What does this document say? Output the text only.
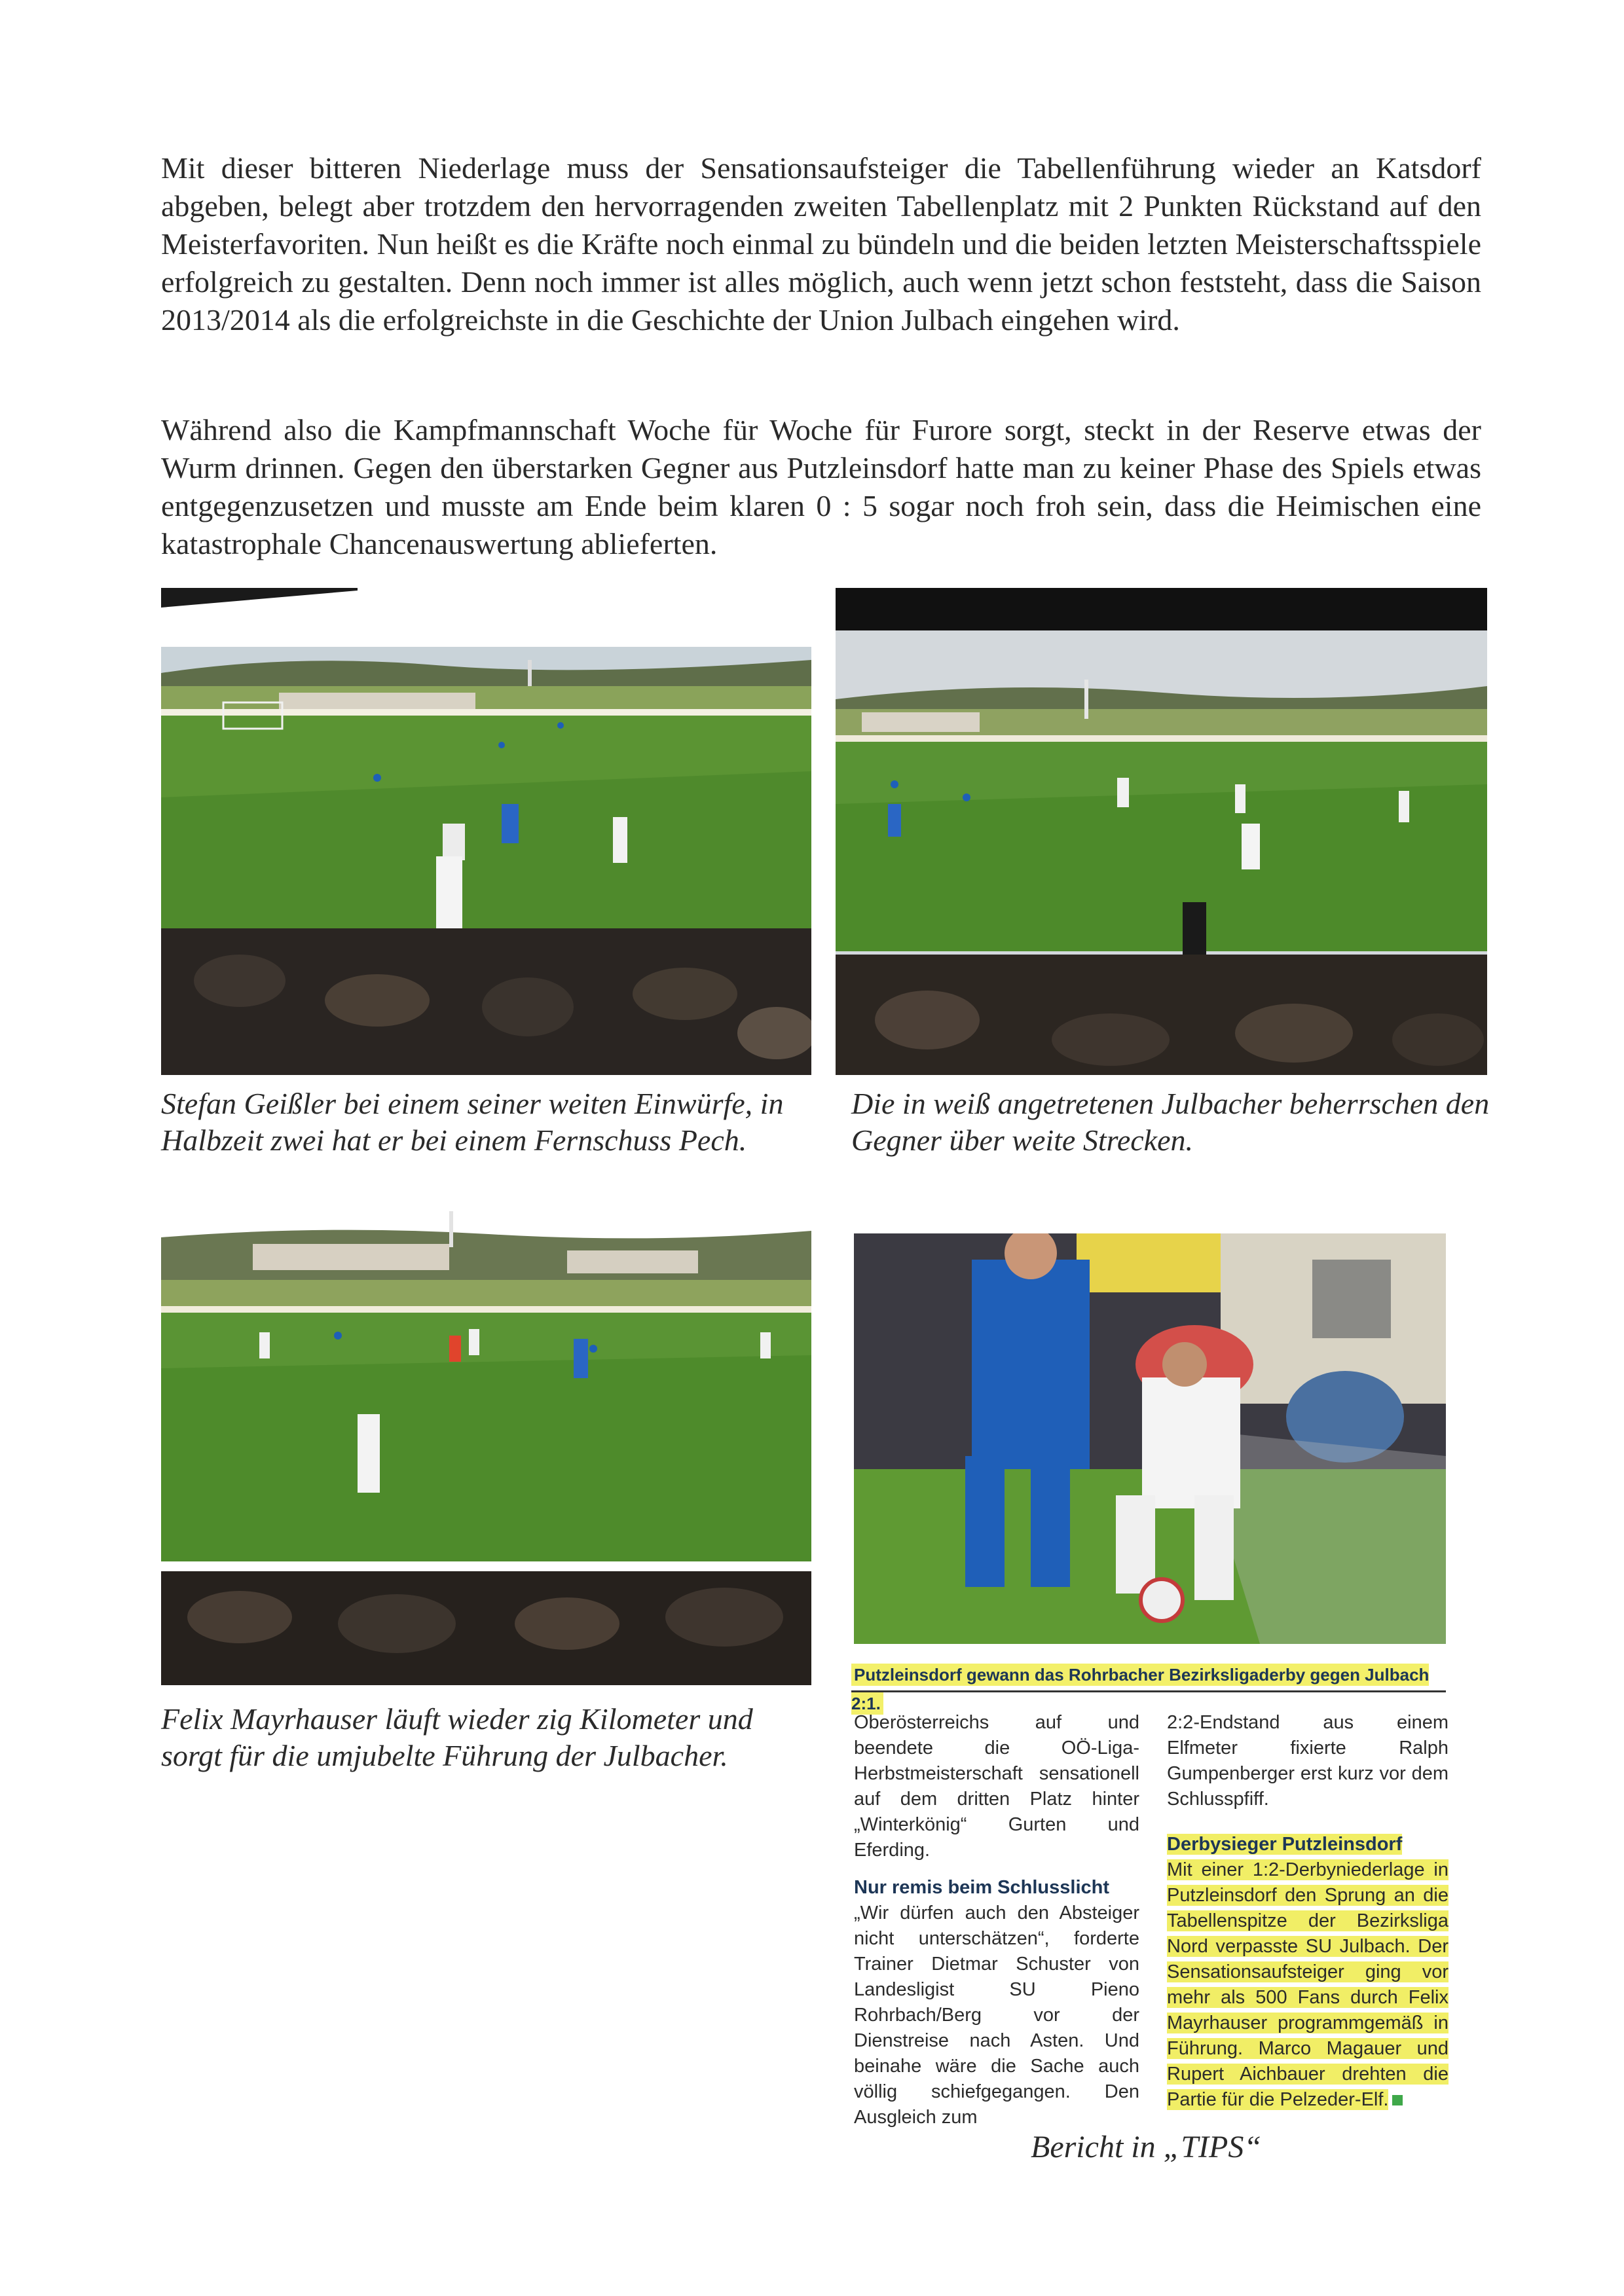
Mit dieser bitteren Niederlage muss der Sensationsaufsteiger die Tabellenführung wieder an Katsdorf abgeben, belegt aber trotzdem den hervorragenden zweiten Tabellenplatz mit 2 Punkten Rückstand auf den Meisterfavoriten. Nun heißt es die Kräfte noch einmal zu bündeln und die beiden letzten Meisterschaftsspiele erfolgreich zu gestalten. Denn noch immer ist alles möglich, auch wenn jetzt schon feststeht, dass die Saison 2013/2014 als die erfolgreichste in die Geschichte der Union Julbach eingehen wird.

Während also die Kampfmannschaft Woche für Woche für Furore sorgt, steckt in der Reserve etwas der Wurm drinnen. Gegen den überstarken Gegner aus Putzleinsdorf hatte man zu keiner Phase des Spiels etwas entgegenzusetzen und musste am Ende beim klaren 0 : 5 sogar noch froh sein, dass die Heimischen eine katastrophale Chancenauswertung ablieferten.

Stefan Geißler bei einem seiner weiten Einwürfe, in Halbzeit zwei hat er bei einem Fernschuss Pech.

Die in weiß angetretenen Julbacher beherrschen den Gegner über weite Strecken.

Felix Mayrhauser läuft wieder zig Kilometer und sorgt für die umjubelte Führung der Julbacher.

Putzleinsdorf gewann das Rohrbacher Bezirksligaderby gegen Julbach 2:1.
Oberösterreichs auf und beendete die OÖ-Liga-Herbstmeisterschaft sensationell auf dem dritten Platz hinter „Winterkönig“ Gurten und Eferding.
Nur remis beim Schlusslicht
„Wir dürfen auch den Absteiger nicht unterschätzen“, forderte Trainer Dietmar Schuster von Landesligist SU Pieno Rohrbach/Berg vor der Dienstreise nach Asten. Und beinahe wäre die Sache auch völlig schiefgegangen. Den Ausgleich zum
2:2-Endstand aus einem Elfmeter fixierte Ralph Gumpenberger erst kurz vor dem Schlusspfiff.
Derbysieger Putzleinsdorf
Mit einer 1:2-Derbyniederlage in Putzleinsdorf den Sprung an die Tabellenspitze der Bezirksliga Nord verpasste SU Julbach. Der Sensationsaufsteiger ging vor mehr als 500 Fans durch Felix Mayrhauser programmgemäß in Führung. Marco Magauer und Rupert Aichbauer drehten die Partie für die Pelzeder-Elf.

Bericht in „TIPS“
